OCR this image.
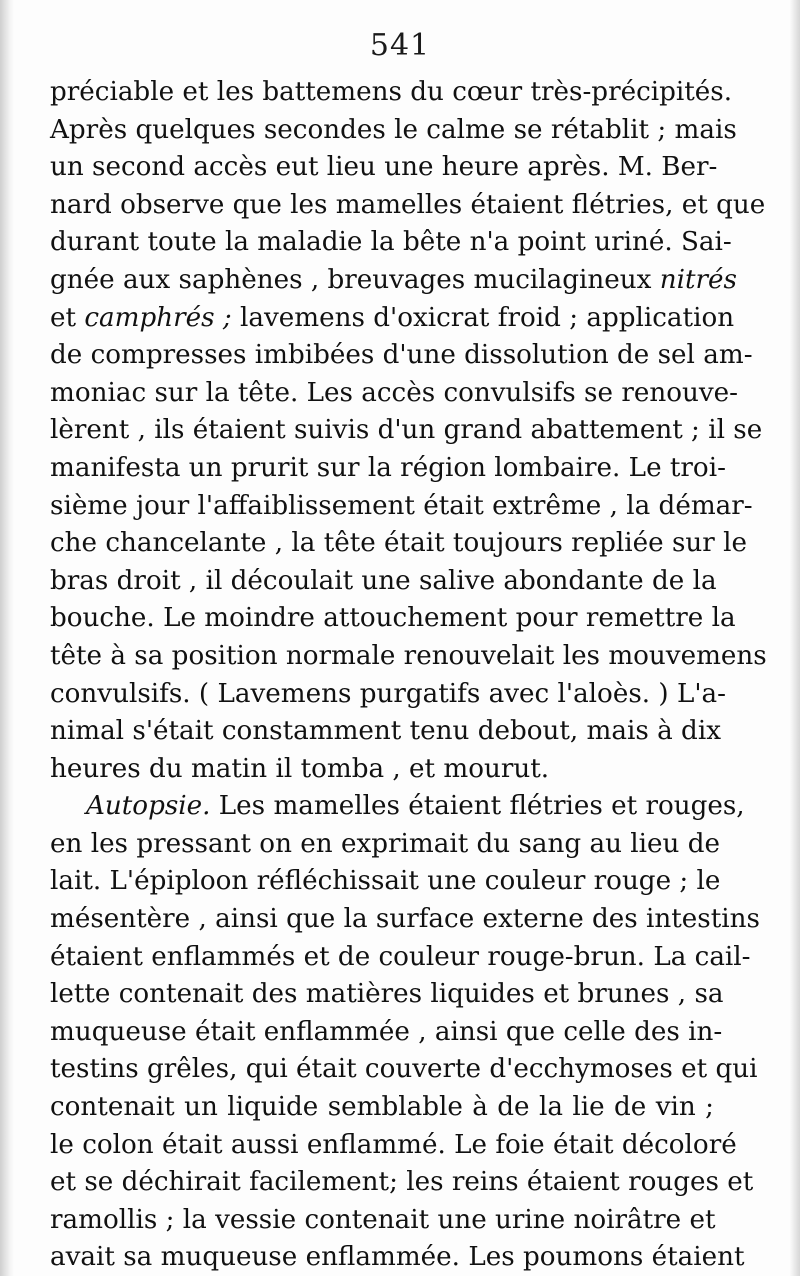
541
préciable et les battemens du cœur très-précipités.
Après quelques secondes le calme se rétablit ; mais
un second accès eut lieu une heure après. M. Ber-
nard observe que les mamelles étaient flétries, et que
durant toute la maladie la bête n'a point uriné. Sai-
gnée aux saphènes , breuvages mucilagineux nitrés
et camphrés ; lavemens d'oxicrat froid ; application
de compresses imbibées d'une dissolution de sel am-
moniac sur la tête. Les accès convulsifs se renouve-
lèrent , ils étaient suivis d'un grand abattement ; il se
manifesta un prurit sur la région lombaire. Le troi-
sième jour l'affaiblissement était extrême , la démar-
che chancelante , la tête était toujours repliée sur le
bras droit , il découlait une salive abondante de la
bouche. Le moindre attouchement pour remettre la
tête à sa position normale renouvelait les mouvemens
convulsifs. ( Lavemens purgatifs avec l'aloès. ) L'a-
nimal s'était constamment tenu debout, mais à dix
heures du matin il tomba , et mourut.
Autopsie. Les mamelles étaient flétries et rouges,
en les pressant on en exprimait du sang au lieu de
lait. L'épiploon réfléchissait une couleur rouge ; le
mésentère , ainsi que la surface externe des intestins
étaient enflammés et de couleur rouge-brun. La cail-
lette contenait des matières liquides et brunes , sa
muqueuse était enflammée , ainsi que celle des in-
testins grêles, qui était couverte d'ecchymoses et qui
contenait un liquide semblable à de la lie de vin ;
le colon était aussi enflammé. Le foie était décoloré
et se déchirait facilement; les reins étaient rouges et
ramollis ; la vessie contenait une urine noirâtre et
avait sa muqueuse enflammée. Les poumons étaient
